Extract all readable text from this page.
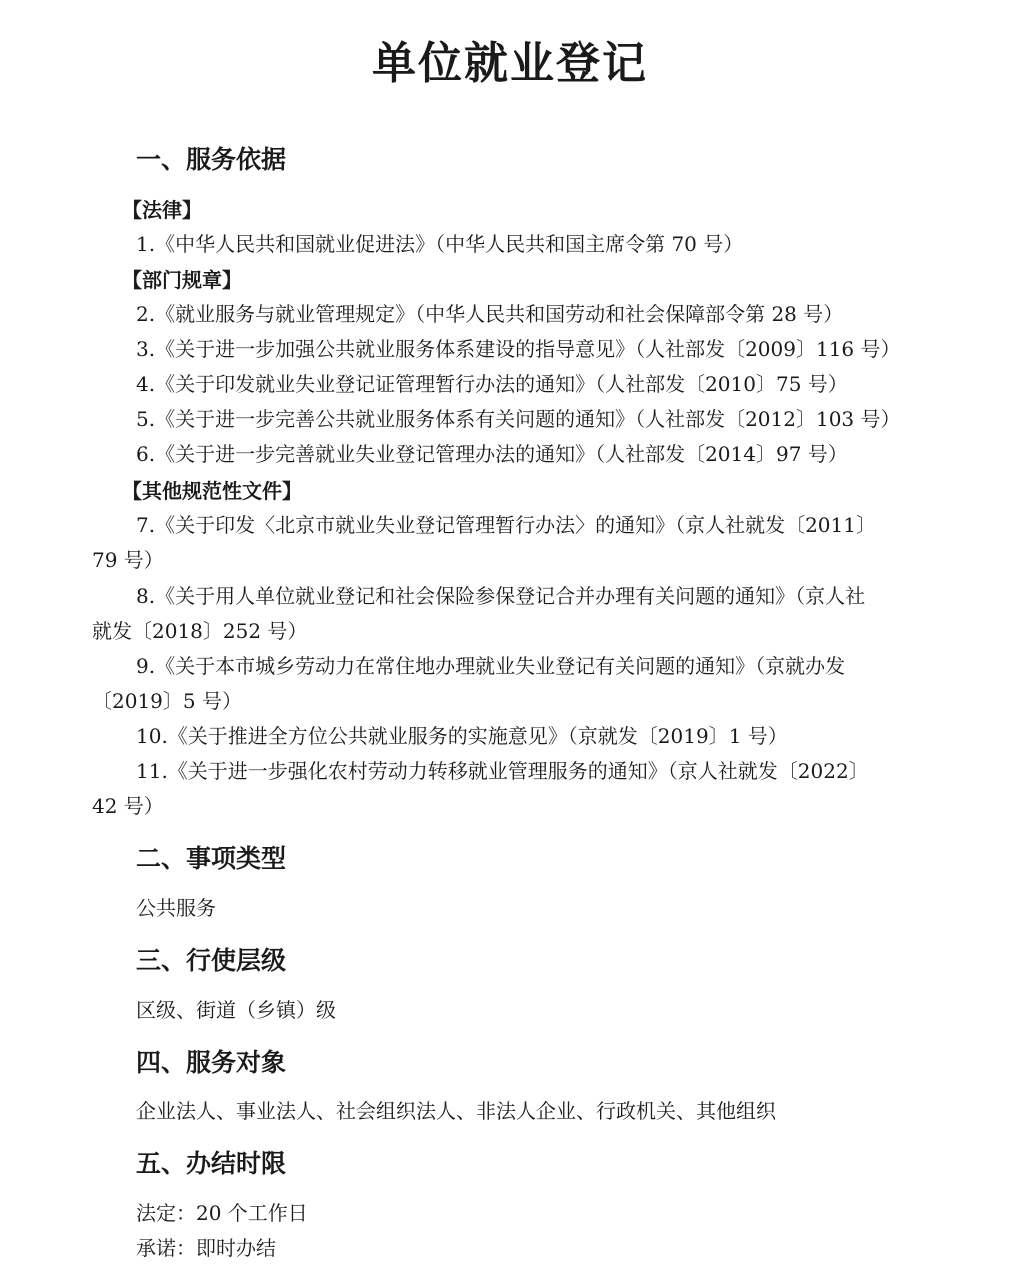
单位就业登记
一、服务依据
【法律】
1.《中华人民共和国就业促进法》（中华人民共和国主席令第 70 号）
【部门规章】
2.《就业服务与就业管理规定》（中华人民共和国劳动和社会保障部令第 28 号）
3.《关于进一步加强公共就业服务体系建设的指导意见》（人社部发〔2009〕116 号）
4.《关于印发就业失业登记证管理暂行办法的通知》（人社部发〔2010〕75 号）
5.《关于进一步完善公共就业服务体系有关问题的通知》（人社部发〔2012〕103 号）
6.《关于进一步完善就业失业登记管理办法的通知》（人社部发〔2014〕97 号）
【其他规范性文件】
7.《关于印发〈北京市就业失业登记管理暂行办法〉的通知》（京人社就发〔2011〕
79 号）
8.《关于用人单位就业登记和社会保险参保登记合并办理有关问题的通知》（京人社
就发〔2018〕252 号）
9.《关于本市城乡劳动力在常住地办理就业失业登记有关问题的通知》（京就办发
〔2019〕5 号）
10.《关于推进全方位公共就业服务的实施意见》（京就发〔2019〕1 号）
11.《关于进一步强化农村劳动力转移就业管理服务的通知》（京人社就发〔2022〕
42 号）
二、事项类型
公共服务
三、行使层级
区级、街道（乡镇）级
四、服务对象
企业法人、事业法人、社会组织法人、非法人企业、行政机关、其他组织
五、办结时限
法定：20 个工作日
承诺：即时办结
